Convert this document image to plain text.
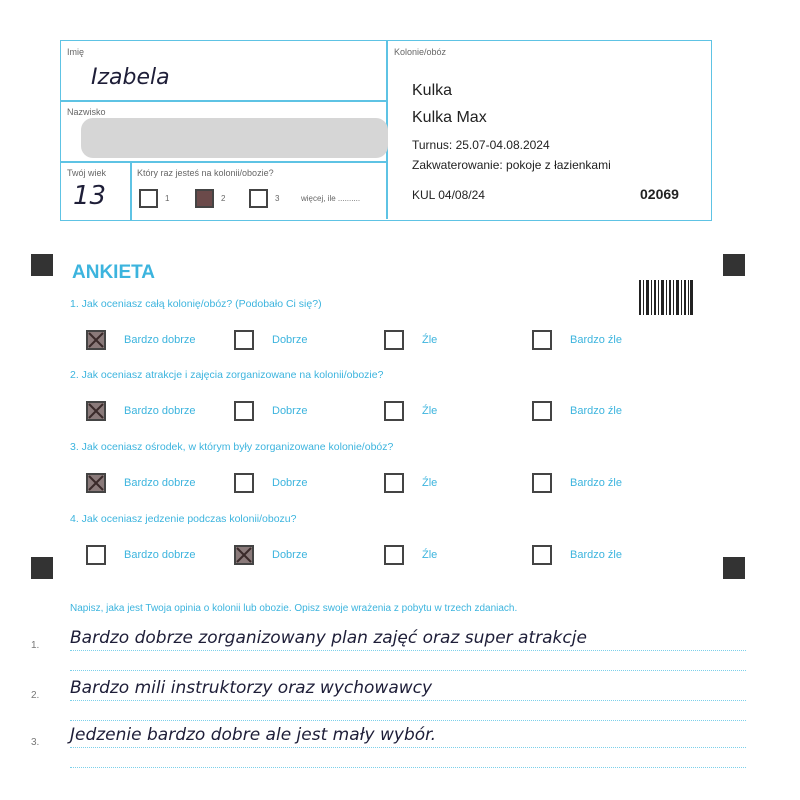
Imię
Izabela
Nazwisko
Twój wiek
13
Który raz jesteś na kolonii/obozie?
1	2	3	więcej, ile ..........
Kolonie/obóz
Kulka
Kulka Max
Turnus: 25.07-04.08.2024
Zakwaterowanie: pokoje z łazienkami
KUL 04/08/24	02069
ANKIETA
1. Jak oceniasz całą kolonię/obóz? (Podobało Ci się?)
Bardzo dobrze	Dobrze	Źle	Bardzo źle
2. Jak oceniasz atrakcje i zajęcia zorganizowane na kolonii/obozie?
Bardzo dobrze	Dobrze	Źle	Bardzo źle
3. Jak oceniasz ośrodek, w którym były zorganizowane kolonie/obóz?
Bardzo dobrze	Dobrze	Źle	Bardzo źle
4. Jak oceniasz jedzenie podczas kolonii/obozu?
Bardzo dobrze	Dobrze	Źle	Bardzo źle
Napisz, jaka jest Twoja opinia o kolonii lub obozie. Opisz swoje wrażenia z pobytu w trzech zdaniach.
1. Bardzo dobrze zorganizowany plan zajęć oraz super atrakcje
2. Bardzo mili instruktorzy oraz wychowawcy
3. Jedzenie bardzo dobre ale jest mały wybór.
